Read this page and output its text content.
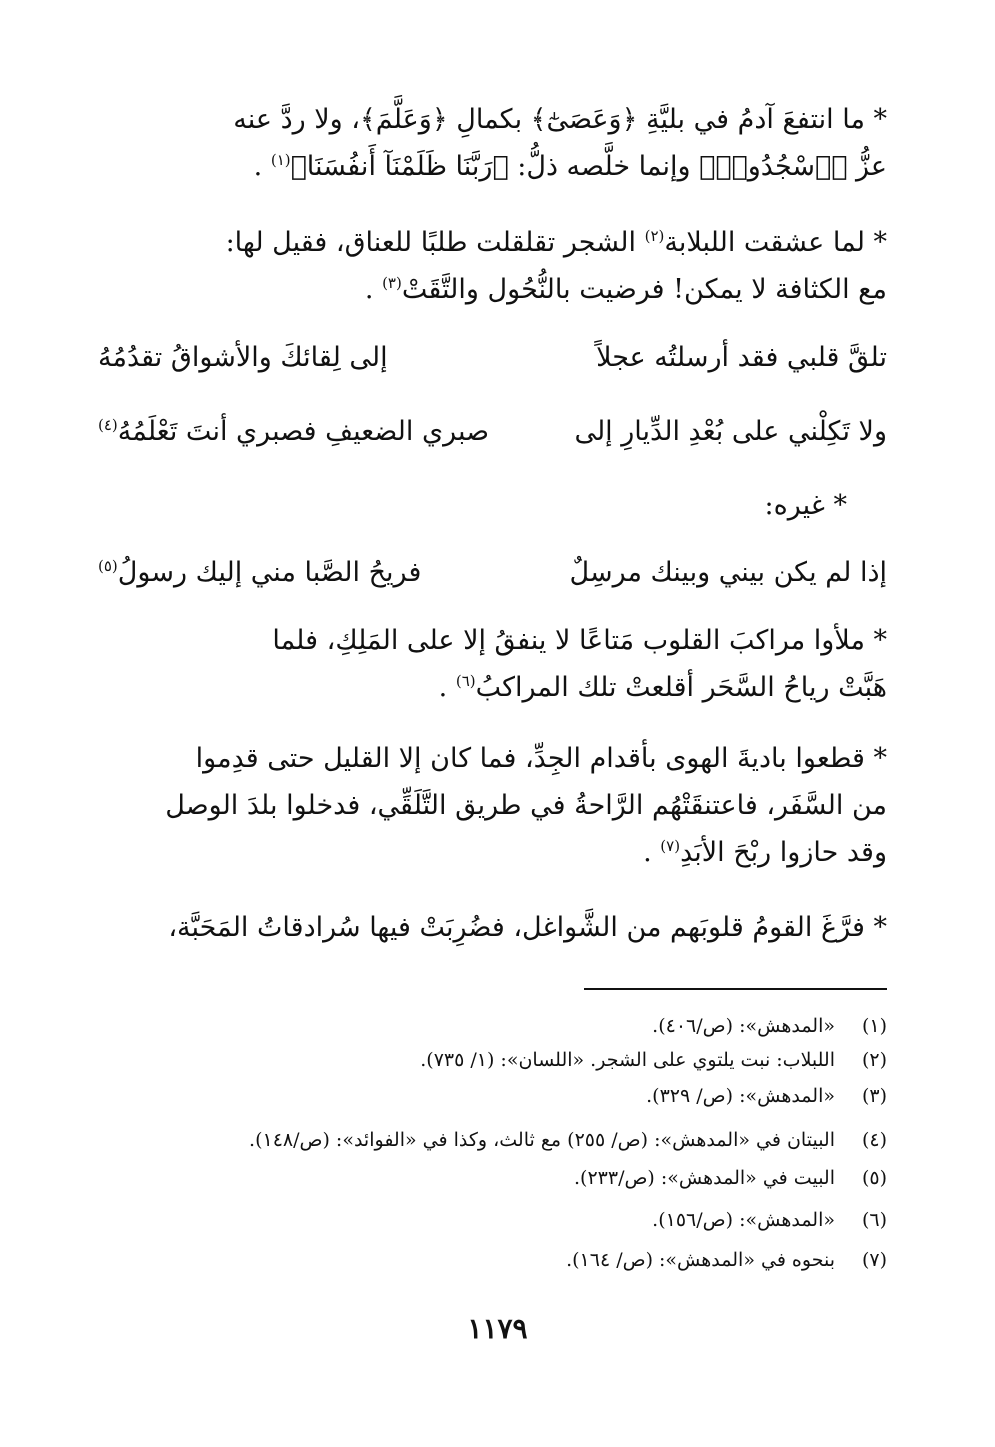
* ما انتفعَ آدمُ في بليَّةِ ﴿وَعَصَىٰٓ﴾ بكمالِ ﴿وَعَلَّمَ﴾، ولا ردَّ عنه
عزُّ ﴿ٱسْجُدُوا۟﴾ وإنما خلَّصه ذلُّ: ﴿رَبَّنَا ظَلَمْنَآ أَنفُسَنَا﴾$^{(١)}$ .
* لما عشقت اللبلابة$^{(٢)}$ الشجر تقلقلت طلبًا للعناق، فقيل لها:
مع الكثافة لا يمكن! فرضيت بالنُّحُول والتَّقَتْ$^{(٣)}$ .
تلقَّ قلبي فقد أرسلتُه عجلاً
إلى لِقائكَ والأشواقُ تقدُمُهُ
ولا تَكِلْني على بُعْدِ الدِّيارِ إلى
صبري الضعيفِ فصبري أنتَ تَعْلَمُهُ$^{(٤)}$
* غيره:
إذا لم يكن بيني وبينك مرسِلٌ
فريحُ الصَّبا مني إليك رسولُ$^{(٥)}$
* ملأوا مراكبَ القلوب مَتاعًا لا ينفقُ إلا على المَلِكِ، فلما
هَبَّتْ رياحُ السَّحَر أقلعتْ تلك المراكبُ$^{(٦)}$ .
* قطعوا باديةَ الهوى بأقدام الجِدِّ، فما كان إلا القليل حتى قدِموا
من السَّفَر، فاعتنقَتْهُم الرَّاحةُ في طريق التَّلَقِّي، فدخلوا بلدَ الوصل
وقد حازوا ربْحَ الأبَدِ$^{(٧)}$ .
* فرَّغَ القومُ قلوبَهم من الشَّواغل، فضُرِبَتْ فيها سُرادقاتُ المَحَبَّة،
(١)«المدهش»: (ص/٤٠٦).
(٢)اللبلاب: نبت يلتوي على الشجر. «اللسان»: (١/ ٧٣٥).
(٣)«المدهش»: (ص/ ٣٢٩).
(٤)البيتان في «المدهش»: (ص/ ٢٥٥) مع ثالث، وكذا في «الفوائد»: (ص/١٤٨).
(٥)البيت في «المدهش»: (ص/٢٣٣).
(٦)«المدهش»: (ص/١٥٦).
(٧)بنحوه في «المدهش»: (ص/ ١٦٤).
١١٧٩
